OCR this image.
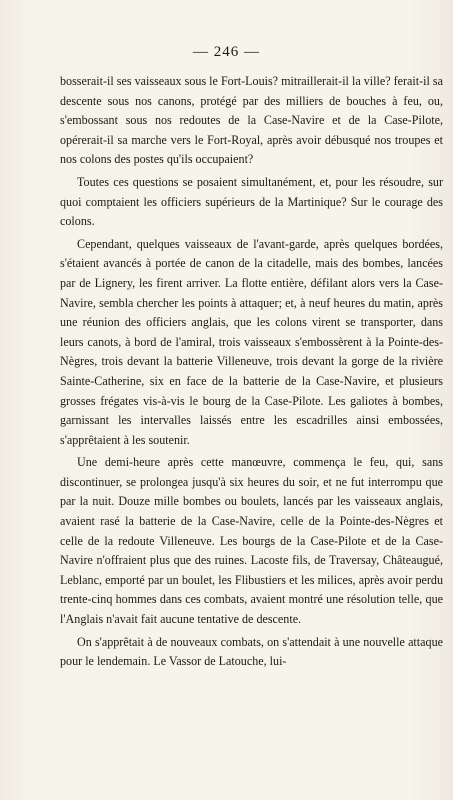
— 246 —

bosserait-il ses vaisseaux sous le Fort-Louis? mitraillerait-il la ville? ferait-il sa descente sous nos canons, protégé par des milliers de bouches à feu, ou, s'embossant sous nos redoutes de la Case-Navire et de la Case-Pilote, opérerait-il sa marche vers le Fort-Royal, après avoir débusqué nos troupes et nos colons des postes qu'ils occupaient?

Toutes ces questions se posaient simultanément, et, pour les résoudre, sur quoi comptaient les officiers supérieurs de la Martinique? Sur le courage des colons.

Cependant, quelques vaisseaux de l'avant-garde, après quelques bordées, s'étaient avancés à portée de canon de la citadelle, mais des bombes, lancées par de Lignery, les firent arriver. La flotte entière, défilant alors vers la Case-Navire, sembla chercher les points à attaquer; et, à neuf heures du matin, après une réunion des officiers anglais, que les colons virent se transporter, dans leurs canots, à bord de l'amiral, trois vaisseaux s'embossèrent à la Pointe-des-Nègres, trois devant la batterie Villeneuve, trois devant la gorge de la rivière Sainte-Catherine, six en face de la batterie de la Case-Navire, et plusieurs grosses frégates vis-à-vis le bourg de la Case-Pilote. Les galiotes à bombes, garnissant les intervalles laissés entre les escadrilles ainsi embossées, s'apprêtaient à les soutenir.

Une demi-heure après cette manœuvre, commença le feu, qui, sans discontinuer, se prolongea jusqu'à six heures du soir, et ne fut interrompu que par la nuit. Douze mille bombes ou boulets, lancés par les vaisseaux anglais, avaient rasé la batterie de la Case-Navire, celle de la Pointe-des-Nègres et celle de la redoute Villeneuve. Les bourgs de la Case-Pilote et de la Case-Navire n'offraient plus que des ruines. Lacoste fils, de Traversay, Châteaugué, Leblanc, emporté par un boulet, les Flibustiers et les milices, après avoir perdu trente-cinq hommes dans ces combats, avaient montré une résolution telle, que l'Anglais n'avait fait aucune tentative de descente.

On s'apprêtait à de nouveaux combats, on s'attendait à une nouvelle attaque pour le lendemain. Le Vassor de Latouche, lui-
